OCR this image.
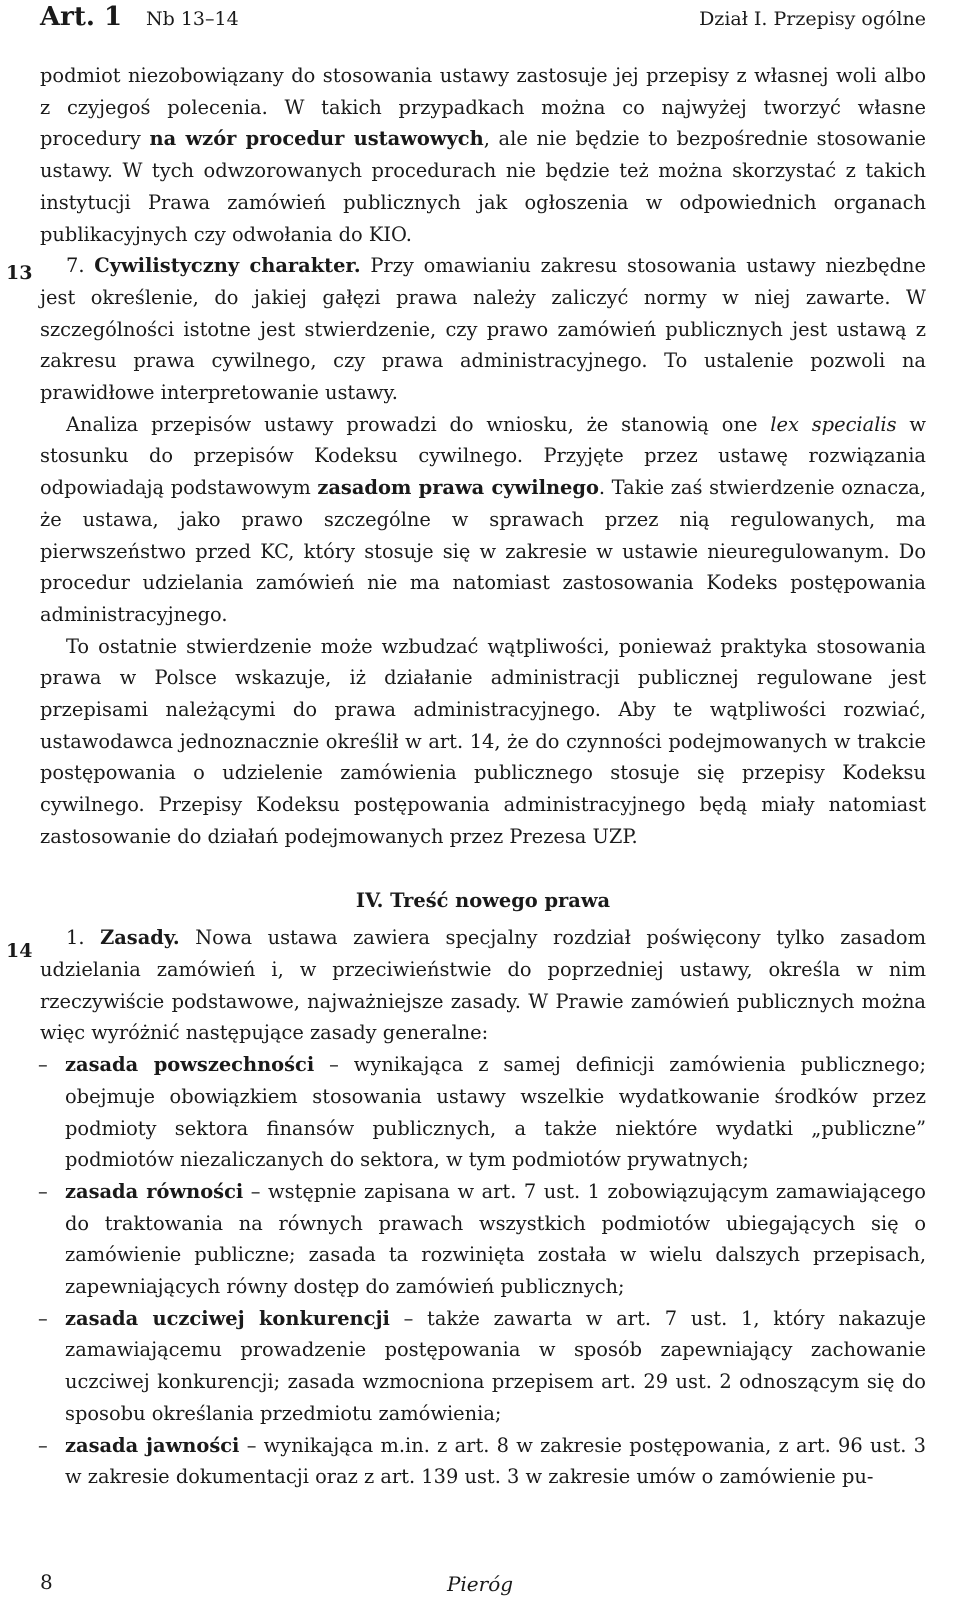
Art. 1 Nb 13–14	Dział I. Przepisy ogólne
13
14

podmiot niezobowiązany do stosowania ustawy zastosuje jej przepisy z własnej woli albo z czyjegoś polecenia. W takich przypadkach można co najwyżej tworzyć własne procedury na wzór procedur ustawowych, ale nie będzie to bezpośrednie stosowanie ustawy. W tych odwzorowanych procedurach nie będzie też można skorzystać z takich instytucji Prawa zamówień publicznych jak ogłoszenia w odpowiednich organach publikacyjnych czy odwołania do KIO.

7. Cywilistyczny charakter. Przy omawianiu zakresu stosowania ustawy niezbędne jest określenie, do jakiej gałęzi prawa należy zaliczyć normy w niej zawarte. W szczególności istotne jest stwierdzenie, czy prawo zamówień publicznych jest ustawą z zakresu prawa cywilnego, czy prawa administracyjnego. To ustalenie pozwoli na prawidłowe interpretowanie ustawy.

Analiza przepisów ustawy prowadzi do wniosku, że stanowią one lex specialis w stosunku do przepisów Kodeksu cywilnego. Przyjęte przez ustawę rozwiązania odpowiadają podstawowym zasadom prawa cywilnego. Takie zaś stwierdzenie oznacza, że ustawa, jako prawo szczególne w sprawach przez nią regulowanych, ma pierwszeństwo przed KC, który stosuje się w zakresie w ustawie nieuregulowanym. Do procedur udzielania zamówień nie ma natomiast zastosowania Kodeks postępowania administracyjnego.

To ostatnie stwierdzenie może wzbudzać wątpliwości, ponieważ praktyka stosowania prawa w Polsce wskazuje, iż działanie administracji publicznej regulowane jest przepisami należącymi do prawa administracyjnego. Aby te wątpliwości rozwiać, ustawodawca jednoznacznie określił w art. 14, że do czynności podejmowanych w trakcie postępowania o udzielenie zamówienia publicznego stosuje się przepisy Kodeksu cywilnego. Przepisy Kodeksu postępowania administracyjnego będą miały natomiast zastosowanie do działań podejmowanych przez Prezesa UZP.

IV. Treść nowego prawa

1. Zasady. Nowa ustawa zawiera specjalny rozdział poświęcony tylko zasadom udzielania zamówień i, w przeciwieństwie do poprzedniej ustawy, określa w nim rzeczywiście podstawowe, najważniejsze zasady. W Prawie zamówień publicznych można więc wyróżnić następujące zasady generalne:

– zasada powszechności – wynikająca z samej definicji zamówienia publicznego; obejmuje obowiązkiem stosowania ustawy wszelkie wydatkowanie środków przez podmioty sektora finansów publicznych, a także niektóre wydatki „publiczne” podmiotów niezaliczanych do sektora, w tym podmiotów prywatnych;
– zasada równości – wstępnie zapisana w art. 7 ust. 1 zobowiązującym zamawiającego do traktowania na równych prawach wszystkich podmiotów ubiegających się o zamówienie publiczne; zasada ta rozwinięta została w wielu dalszych przepisach, zapewniających równy dostęp do zamówień publicznych;
– zasada uczciwej konkurencji – także zawarta w art. 7 ust. 1, który nakazuje zamawiającemu prowadzenie postępowania w sposób zapewniający zachowanie uczciwej konkurencji; zasada wzmocniona przepisem art. 29 ust. 2 odnoszącym się do sposobu określania przedmiotu zamówienia;
– zasada jawności – wynikająca m.in. z art. 8 w zakresie postępowania, z art. 96 ust. 3 w zakresie dokumentacji oraz z art. 139 ust. 3 w zakresie umów o zamówienie pu-
8	Pieróg
